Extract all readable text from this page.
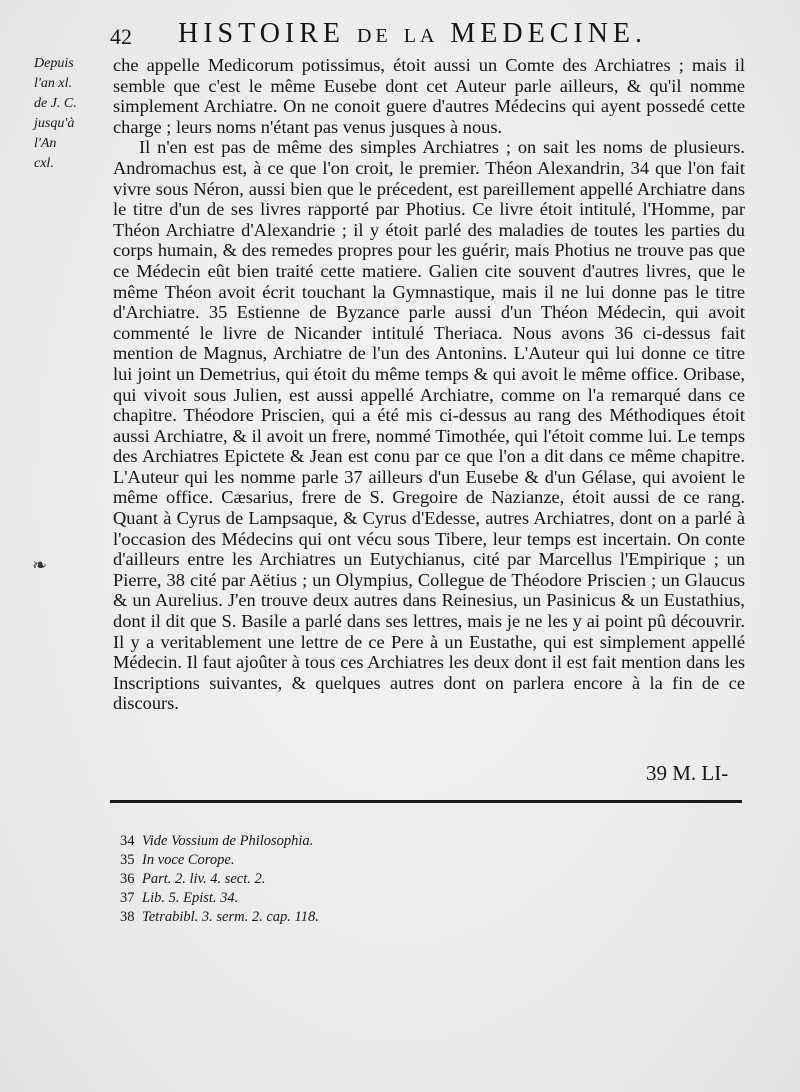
42 HISTOIRE DE LA MEDECINE.
Depuis
l'an xl.
de J. C.
jusqu'à
l'An
cxl.

che appelle Medicorum potissimus, étoit aussi un Comte des Archiatres ; mais il semble que c'est le même Eusebe dont cet Auteur parle ailleurs, & qu'il nomme simplement Archiatre. On ne conoit guere d'autres Médecins qui ayent possedé cette charge ; leurs noms n'étant pas venus jusques à nous.

Il n'en est pas de même des simples Archiatres ; on sait les noms de plusieurs. Andromachus est, à ce que l'on croit, le premier. Théon Alexandrin, 34 que l'on fait vivre sous Néron, aussi bien que le précedent, est pareillement appellé Archiatre dans le titre d'un de ses livres rapporté par Photius. Ce livre étoit intitulé, l'Homme, par Théon Archiatre d'Alexandrie ; il y étoit parlé des maladies de toutes les parties du corps humain, & des remedes propres pour les guérir, mais Photius ne trouve pas que ce Médecin eût bien traité cette matiere. Galien cite souvent d'autres livres, que le même Théon avoit écrit touchant la Gymnastique, mais il ne lui donne pas le titre d'Archiatre. 35 Estienne de Byzance parle aussi d'un Théon Médecin, qui avoit commenté le livre de Nicander intitulé Theriaca. Nous avons 36 ci-dessus fait mention de Magnus, Archiatre de l'un des Antonins. L'Auteur qui lui donne ce titre lui joint un Demetrius, qui étoit du même temps & qui avoit le même office. Oribase, qui vivoit sous Julien, est aussi appellé Archiatre, comme on l'a remarqué dans ce chapitre. Théodore Priscien, qui a été mis ci-dessus au rang des Méthodiques étoit aussi Archiatre, & il avoit un frere, nommé Timothée, qui l'étoit comme lui. Le temps des Archiatres Epictete & Jean est conu par ce que l'on a dit dans ce même chapitre. L'Auteur qui les nomme parle 37 ailleurs d'un Eusebe & d'un Gélase, qui avoient le même office. Cæsarius, frere de S. Gregoire de Nazianze, étoit aussi de ce rang. Quant à Cyrus de Lampsaque, & Cyrus d'Edesse, autres Archiatres, dont on a parlé à l'occasion des Médecins qui ont vécu sous Tibere, leur temps est incertain. On conte d'ailleurs entre les Archiatres un Eutychianus, cité par Marcellus l'Empirique ; un Pierre, 38 cité par Aëtius ; un Olympius, Collegue de Théodore Priscien ; un Glaucus & un Aurelius. J'en trouve deux autres dans Reinesius, un Pasinicus & un Eustathius, dont il dit que S. Basile a parlé dans ses lettres, mais je ne les y ai point pû découvrir. Il y a veritablement une lettre de ce Pere à un Eustathe, qui est simplement appellé Médecin. Il faut ajoûter à tous ces Archiatres les deux dont il est fait mention dans les Inscriptions suivantes, & quelques autres dont on parlera encore à la fin de ce discours.

❧
39 M. LI-
34 Vide Vossium de Philosophia.
35 In voce Corope.
36 Part. 2. liv. 4. sect. 2.
37 Lib. 5. Epist. 34.
38 Tetrabibl. 3. serm. 2. cap. 118.
